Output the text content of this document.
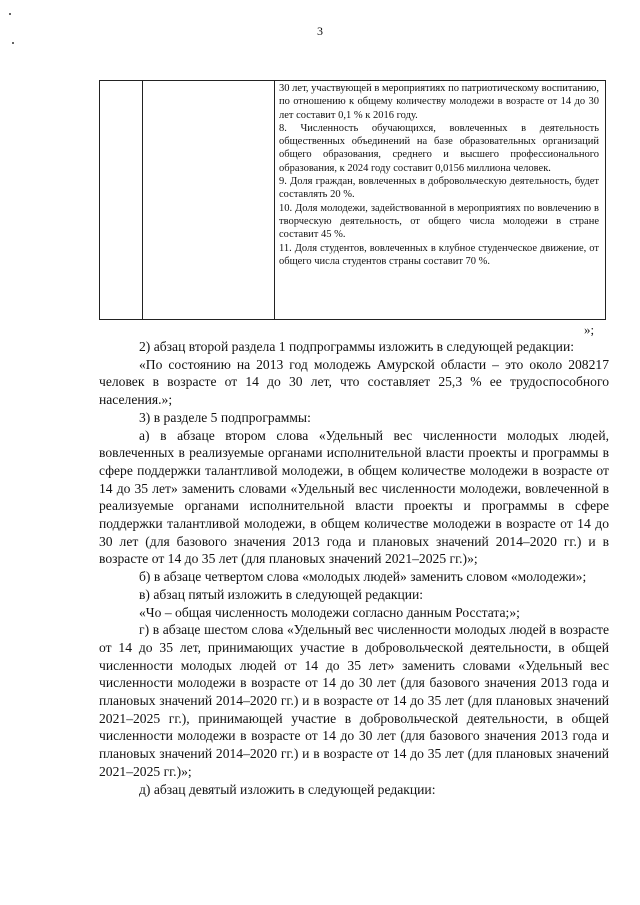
3

30 лет, участвующей в мероприятиях по патриотическому воспитанию, по отношению к общему количеству молодежи в возрасте от 14 до 30 лет составит 0,1 % к 2016 году.

8. Численность обучающихся, вовлеченных в деятельность общественных объединений на базе образовательных организаций общего образования, среднего и высшего профессионального образования, к 2024 году составит 0,0156 миллиона человек.

9. Доля граждан, вовлеченных в добровольческую деятельность, будет составлять 20 %.

10. Доля молодежи, задействованной в мероприятиях по вовлечению в творческую деятельность, от общего числа молодежи в стране составит 45 %.

11. Доля студентов, вовлеченных в клубное студенческое движение, от общего числа студентов страны составит 70 %.

»;

2) абзац второй раздела 1 подпрограммы изложить в следующей редакции:

«По состоянию на 2013 год молодежь Амурской области – это около 208217 человек в возрасте от 14 до 30 лет, что составляет 25,3 % ее трудоспособного населения.»;

3) в разделе 5 подпрограммы:

а) в абзаце втором слова «Удельный вес численности молодых людей, вовлеченных в реализуемые органами исполнительной власти проекты и программы в сфере поддержки талантливой молодежи, в общем количестве молодежи в возрасте от 14 до 35 лет» заменить словами «Удельный вес численности молодежи, вовлеченной в реализуемые органами исполнительной власти проекты и программы в сфере поддержки талантливой молодежи, в общем количестве молодежи в возрасте от 14 до 30 лет (для базового значения 2013 года и плановых значений 2014–2020 гг.) и в возрасте от 14 до 35 лет (для плановых значений 2021–2025 гг.)»;

б) в абзаце четвертом слова «молодых людей» заменить словом «молодежи»;

в) абзац пятый изложить в следующей редакции:

«Чо – общая численность молодежи согласно данным Росстата;»;

г) в абзаце шестом слова «Удельный вес численности молодых людей в возрасте от 14 до 35 лет, принимающих участие в добровольческой деятельности, в общей численности молодых людей от 14 до 35 лет» заменить словами «Удельный вес численности молодежи в возрасте от 14 до 30 лет (для базового значения 2013 года и плановых значений 2014–2020 гг.) и в возрасте от 14 до 35 лет (для плановых значений 2021–2025 гг.), принимающей участие в добровольческой деятельности, в общей численности молодежи в возрасте от 14 до 30 лет (для базового значения 2013 года и плановых значений 2014–2020 гг.) и в возрасте от 14 до 35 лет (для плановых значений 2021–2025 гг.)»;

д) абзац девятый изложить в следующей редакции:
